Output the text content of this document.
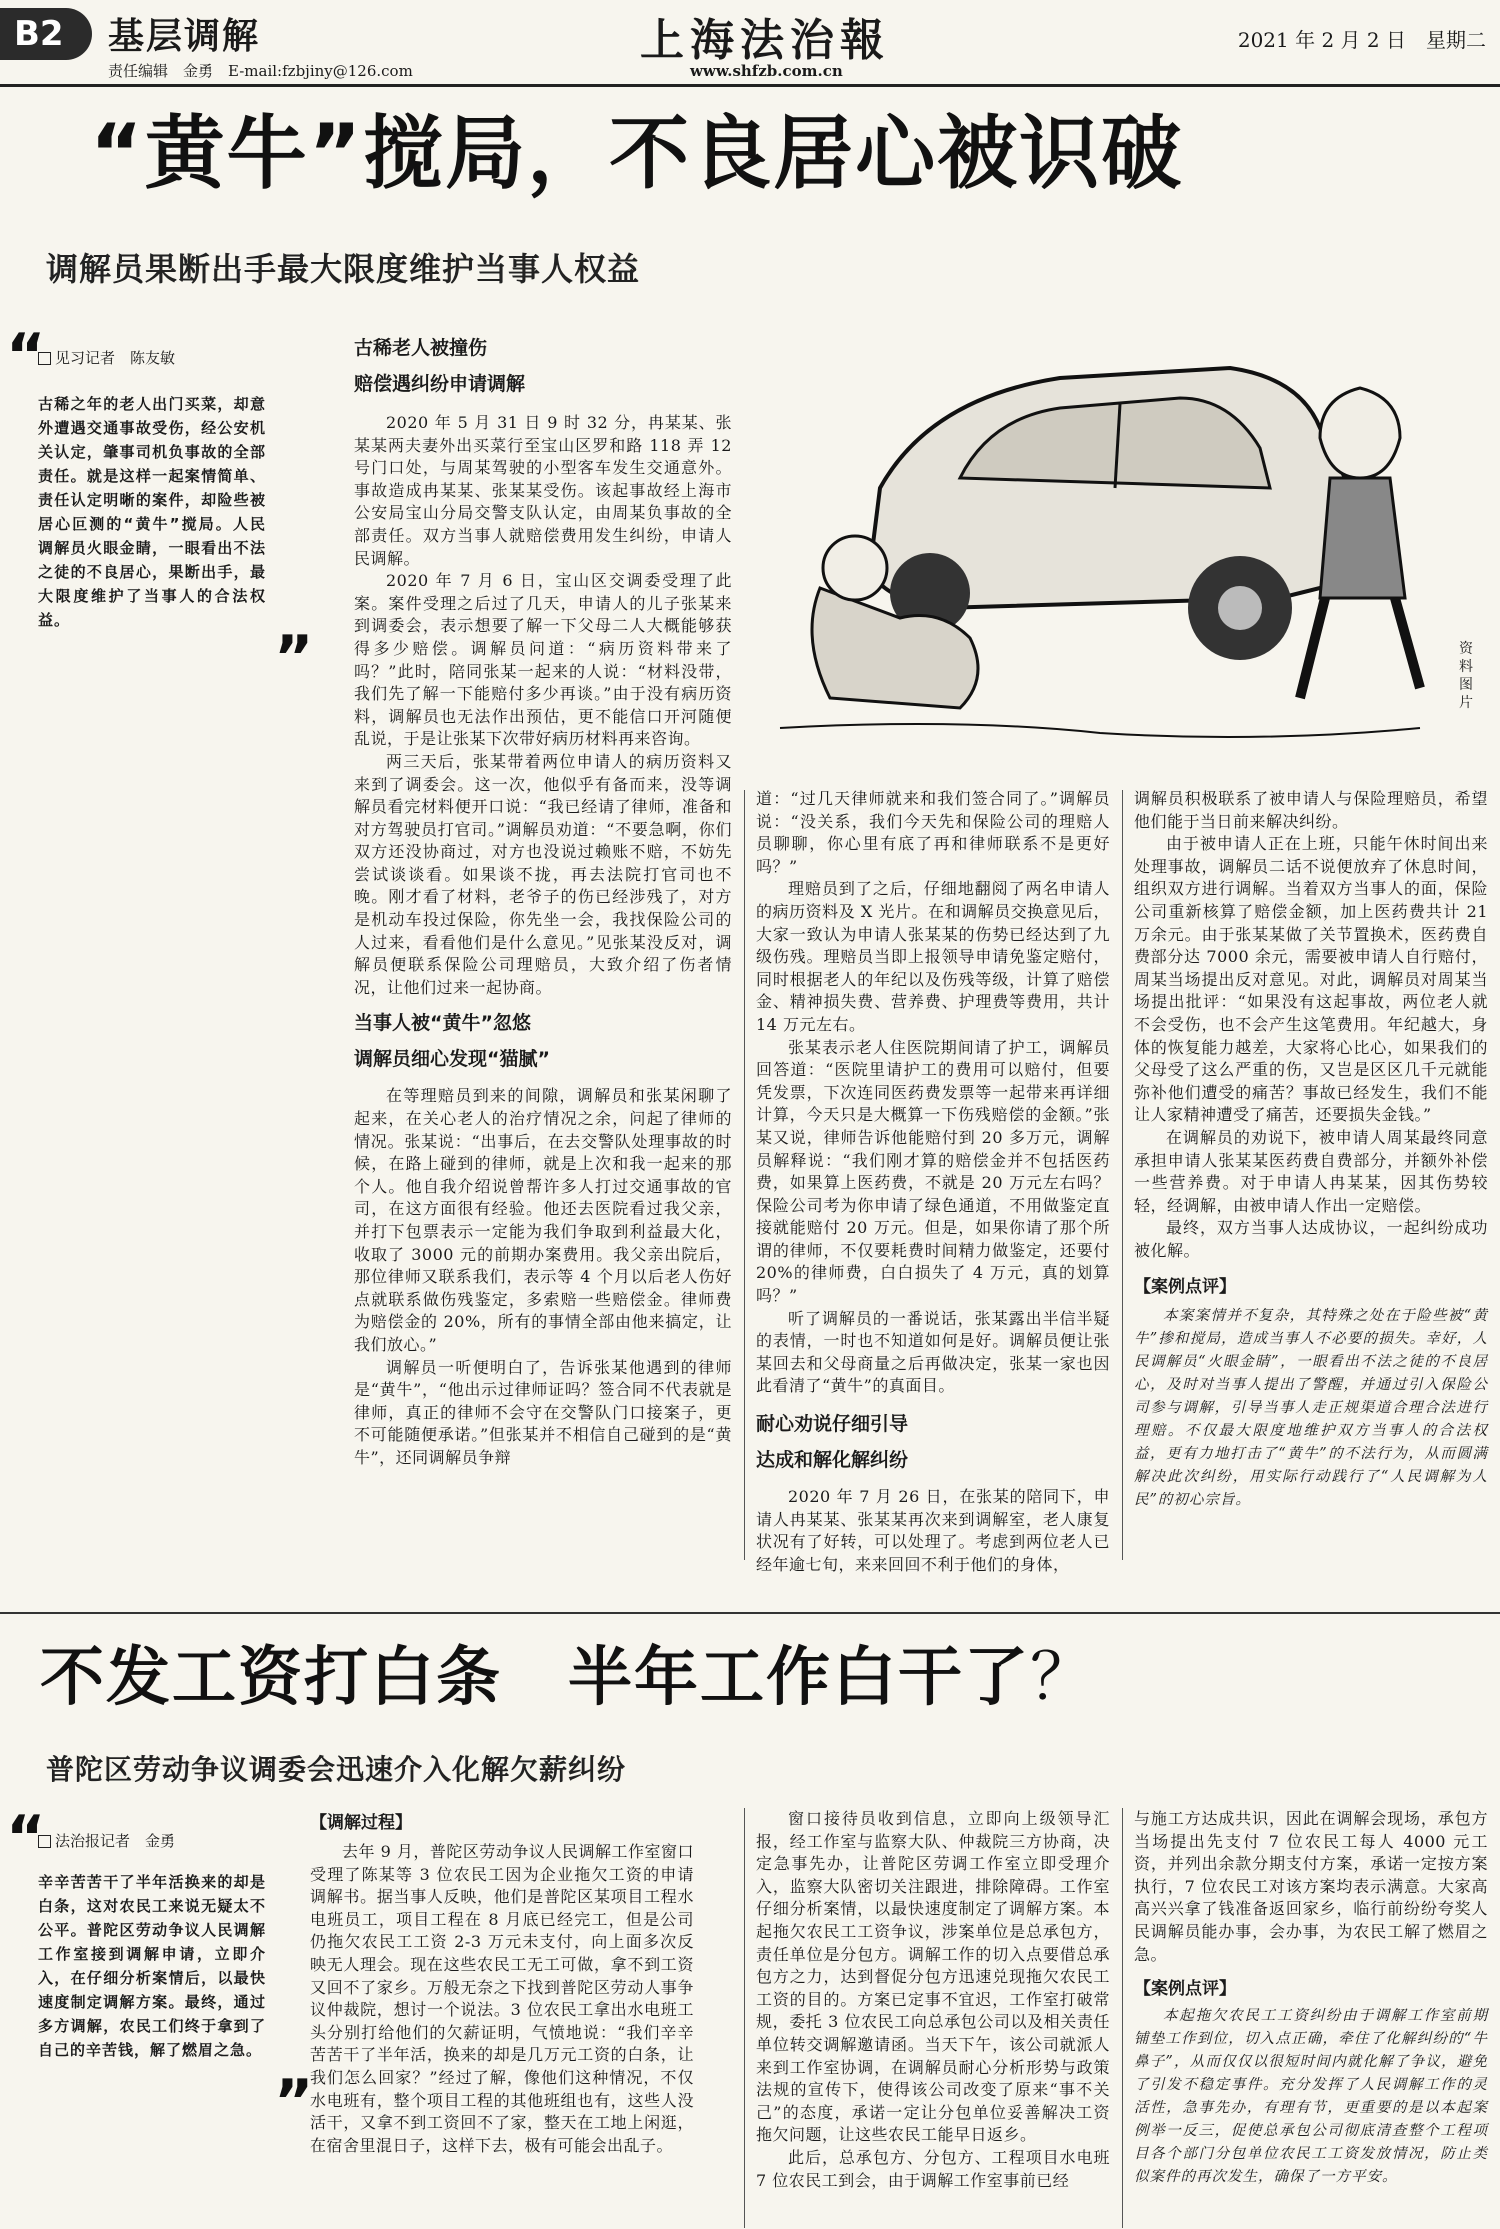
B2	基层调解
责任编辑　金勇　E-mail:fzbjiny@126.com
上海法治報
www.shfzb.com.cn
2021 年 2 月 2 日　星期二
“黄牛”搅局，不良居心被识破
调解员果断出手最大限度维护当事人权益
“ 见习记者　陈友敏
古稀之年的老人出门买菜，却意外遭遇交通事故受伤，经公安机关认定，肇事司机负事故的全部责任。就是这样一起案情简单、责任认定明晰的案件，却险些被居心叵测的“黄牛”搅局。人民调解员火眼金睛，一眼看出不法之徒的不良居心，果断出手，最大限度维护了当事人的合法权益。
”
古稀老人被撞伤
赔偿遇纠纷申请调解

2020 年 5 月 31 日 9 时 32 分，冉某某、张某某两夫妻外出买菜行至宝山区罗和路 118 弄 12 号门口处，与周某驾驶的小型客车发生交通意外。事故造成冉某某、张某某受伤。该起事故经上海市公安局宝山分局交警支队认定，由周某负事故的全部责任。双方当事人就赔偿费用发生纠纷，申请人民调解。

2020 年 7 月 6 日，宝山区交调委受理了此案。案件受理之后过了几天，申请人的儿子张某来到调委会，表示想要了解一下父母二人大概能够获得多少赔偿。调解员问道：“病历资料带来了吗？”此时，陪同张某一起来的人说：“材料没带，我们先了解一下能赔付多少再谈。”由于没有病历资料，调解员也无法作出预估，更不能信口开河随便乱说，于是让张某下次带好病历材料再来咨询。

两三天后，张某带着两位申请人的病历资料又来到了调委会。这一次，他似乎有备而来，没等调解员看完材料便开口说：“我已经请了律师，准备和对方驾驶员打官司。”调解员劝道：“不要急啊，你们双方还没协商过，对方也没说过赖账不赔，不妨先尝试谈谈看。如果谈不拢，再去法院打官司也不晚。刚才看了材料，老爷子的伤已经涉残了，对方是机动车投过保险，你先坐一会，我找保险公司的人过来，看看他们是什么意见。”见张某没反对，调解员便联系保险公司理赔员，大致介绍了伤者情况，让他们过来一起协商。

当事人被“黄牛”忽悠
调解员细心发现“猫腻”

在等理赔员到来的间隙，调解员和张某闲聊了起来，在关心老人的治疗情况之余，问起了律师的情况。张某说：“出事后，在去交警队处理事故的时候，在路上碰到的律师，就是上次和我一起来的那个人。他自我介绍说曾帮许多人打过交通事故的官司，在这方面很有经验。他还去医院看过我父亲，并打下包票表示一定能为我们争取到利益最大化，收取了 3000 元的前期办案费用。我父亲出院后，那位律师又联系我们，表示等 4 个月以后老人伤好点就联系做伤残鉴定，多索赔一些赔偿金。律师费为赔偿金的 20%，所有的事情全部由他来搞定，让我们放心。”

调解员一听便明白了，告诉张某他遇到的律师是“黄牛”，“他出示过律师证吗？签合同不代表就是律师，真正的律师不会守在交警队门口接案子，更不可能随便承诺。”但张某并不相信自己碰到的是“黄牛”，还同调解员争辩

资料图片

道：“过几天律师就来和我们签合同了。”调解员说：“没关系，我们今天先和保险公司的理赔人员聊聊，你心里有底了再和律师联系不是更好吗？”

理赔员到了之后，仔细地翻阅了两名申请人的病历资料及 X 光片。在和调解员交换意见后，大家一致认为申请人张某某的伤势已经达到了九级伤残。理赔员当即上报领导申请免鉴定赔付，同时根据老人的年纪以及伤残等级，计算了赔偿金、精神损失费、营养费、护理费等费用，共计 14 万元左右。

张某表示老人住医院期间请了护工，调解员回答道：“医院里请护工的费用可以赔付，但要凭发票，下次连同医药费发票等一起带来再详细计算，今天只是大概算一下伤残赔偿的金额。”张某又说，律师告诉他能赔付到 20 多万元，调解员解释说：“我们刚才算的赔偿金并不包括医药费，如果算上医药费，不就是 20 万元左右吗？保险公司考为你申请了绿色通道，不用做鉴定直接就能赔付 20 万元。但是，如果你请了那个所谓的律师，不仅要耗费时间精力做鉴定，还要付 20%的律师费，白白损失了 4 万元，真的划算吗？”

听了调解员的一番说话，张某露出半信半疑的表情，一时也不知道如何是好。调解员便让张某回去和父母商量之后再做决定，张某一家也因此看清了“黄牛”的真面目。

耐心劝说仔细引导
达成和解化解纠纷

2020 年 7 月 26 日，在张某的陪同下，申请人冉某某、张某某再次来到调解室，老人康复状况有了好转，可以处理了。考虑到两位老人已经年逾七旬，来来回回不利于他们的身体，

调解员积极联系了被申请人与保险理赔员，希望他们能于当日前来解决纠纷。

由于被申请人正在上班，只能午休时间出来处理事故，调解员二话不说便放弃了休息时间，组织双方进行调解。当着双方当事人的面，保险公司重新核算了赔偿金额，加上医药费共计 21 万余元。由于张某某做了关节置换术，医药费自费部分达 7000 余元，需要被申请人自行赔付，周某当场提出反对意见。对此，调解员对周某当场提出批评：“如果没有这起事故，两位老人就不会受伤，也不会产生这笔费用。年纪越大，身体的恢复能力越差，大家将心比心，如果我们的父母受了这么严重的伤，又岂是区区几千元就能弥补他们遭受的痛苦？事故已经发生，我们不能让人家精神遭受了痛苦，还要损失金钱。”

在调解员的劝说下，被申请人周某最终同意承担申请人张某某医药费自费部分，并额外补偿一些营养费。对于申请人冉某某，因其伤势较轻，经调解，由被申请人作出一定赔偿。

最终，双方当事人达成协议，一起纠纷成功被化解。

【案例点评】

本案案情并不复杂，其特殊之处在于险些被“黄牛”掺和搅局，造成当事人不必要的损失。幸好，人民调解员“火眼金睛”，一眼看出不法之徒的不良居心，及时对当事人提出了警醒，并通过引入保险公司参与调解，引导当事人走正规渠道合理合法进行理赔。不仅最大限度地维护双方当事人的合法权益，更有力地打击了“黄牛”的不法行为，从而圆满解决此次纠纷，用实际行动践行了“人民调解为人民”的初心宗旨。

不发工资打白条　半年工作白干了？
普陀区劳动争议调委会迅速介入化解欠薪纠纷
“ 法治报记者　金勇
辛辛苦苦干了半年活换来的却是白条，这对农民工来说无疑太不公平。普陀区劳动争议人民调解工作室接到调解申请，立即介入，在仔细分析案情后，以最快速度制定调解方案。最终，通过多方调解，农民工们终于拿到了自己的辛苦钱，解了燃眉之急。
”
【调解过程】

去年 9 月，普陀区劳动争议人民调解工作室窗口受理了陈某等 3 位农民工因为企业拖欠工资的申请调解书。据当事人反映，他们是普陀区某项目工程水电班员工，项目工程在 8 月底已经完工，但是公司仍拖欠农民工工资 2-3 万元未支付，向上面多次反映无人理会。现在这些农民工无工可做，拿不到工资又回不了家乡。万般无奈之下找到普陀区劳动人事争议仲裁院，想讨一个说法。3 位农民工拿出水电班工头分别打给他们的欠薪证明，气愤地说：“我们辛辛苦苦干了半年活，换来的却是几万元工资的白条，让我们怎么回家？”经过了解，像他们这种情况，不仅水电班有，整个项目工程的其他班组也有，这些人没活干，又拿不到工资回不了家，整天在工地上闲逛，在宿舍里混日子，这样下去，极有可能会出乱子。

窗口接待员收到信息，立即向上级领导汇报，经工作室与监察大队、仲裁院三方协商，决定急事先办，让普陀区劳调工作室立即受理介入，监察大队密切关注跟进，排除障碍。工作室仔细分析案情，以最快速度制定了调解方案。本起拖欠农民工工资争议，涉案单位是总承包方，责任单位是分包方。调解工作的切入点要借总承包方之力，达到督促分包方迅速兑现拖欠农民工工资的目的。方案已定事不宜迟，工作室打破常规，委托 3 位农民工向总承包公司以及相关责任单位转交调解邀请函。当天下午，该公司就派人来到工作室协调，在调解员耐心分析形势与政策法规的宣传下，使得该公司改变了原来“事不关己”的态度，承诺一定让分包单位妥善解决工资拖欠问题，让这些农民工能早日返乡。

此后，总承包方、分包方、工程项目水电班 7 位农民工到会，由于调解工作室事前已经

与施工方达成共识，因此在调解会现场，承包方当场提出先支付 7 位农民工每人 4000 元工资，并列出余款分期支付方案，承诺一定按方案执行，7 位农民工对该方案均表示满意。大家高高兴兴拿了钱准备返回家乡，临行前纷纷夸奖人民调解员能办事，会办事，为农民工解了燃眉之急。

【案例点评】

本起拖欠农民工工资纠纷由于调解工作室前期铺垫工作到位，切入点正确，牵住了化解纠纷的“牛鼻子”，从而仅仅以很短时间内就化解了争议，避免了引发不稳定事件。充分发挥了人民调解工作的灵活性，急事先办，有理有节，更重要的是以本起案例举一反三，促使总承包公司彻底清查整个工程项目各个部门分包单位农民工工资发放情况，防止类似案件的再次发生，确保了一方平安。
